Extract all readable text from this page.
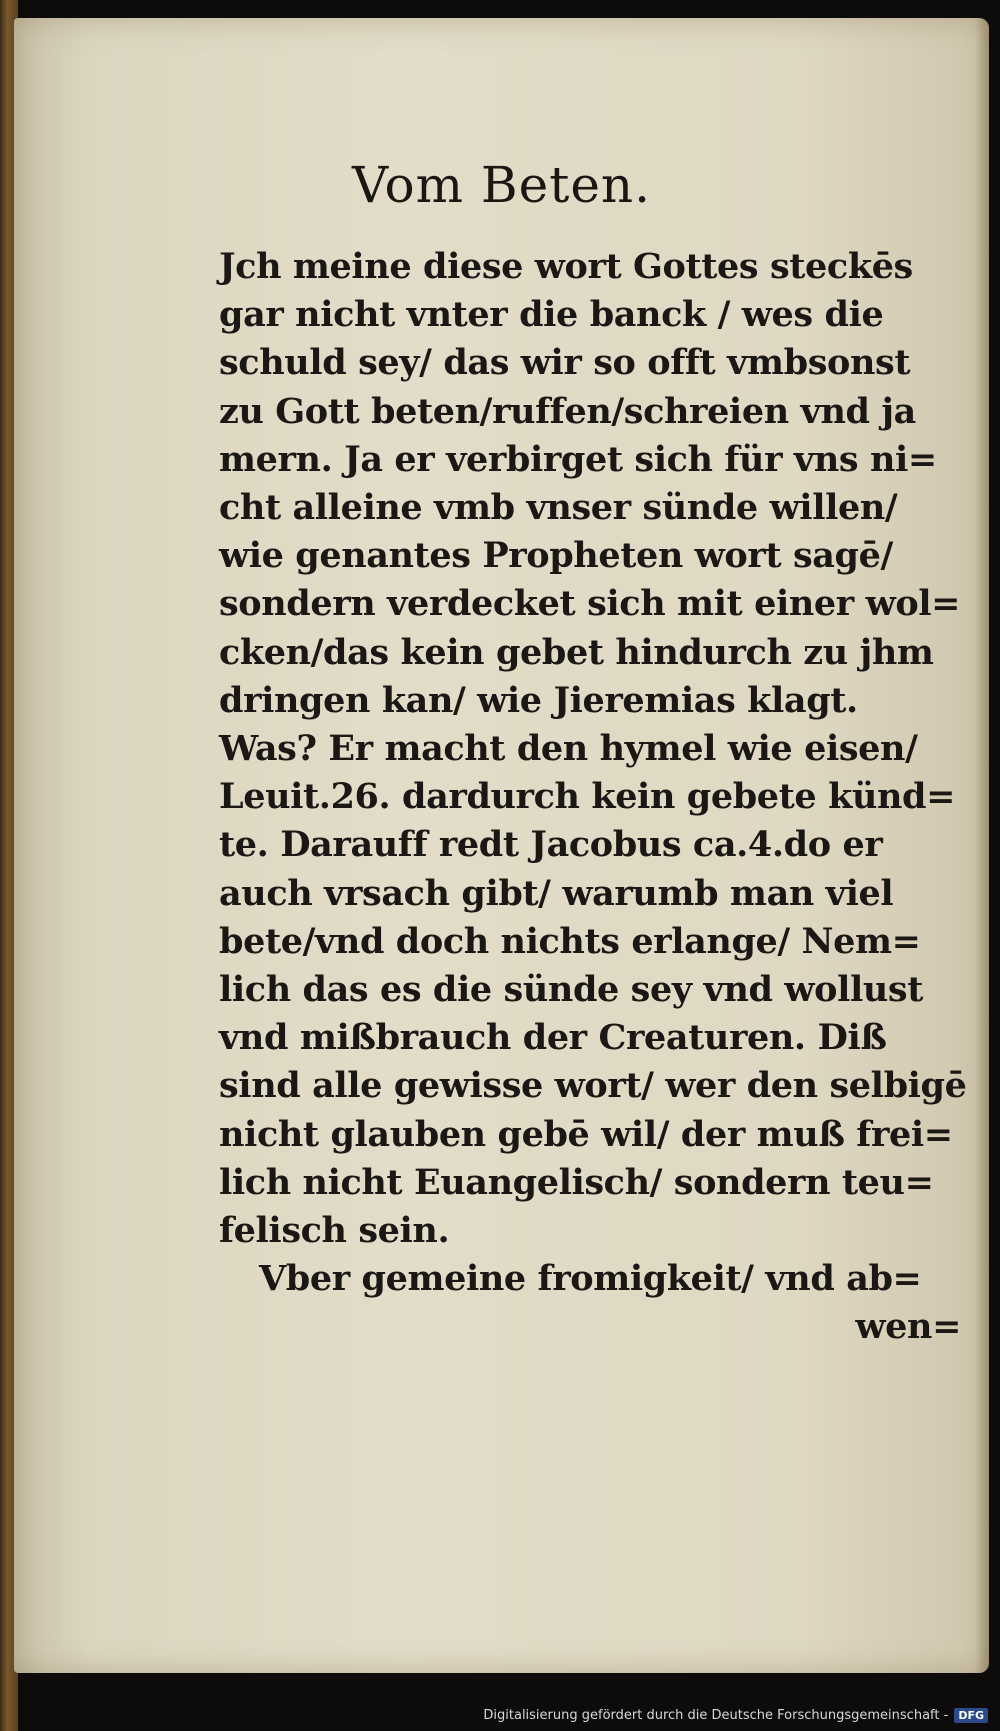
Vom Beten.
Jch meine diese wort Gottes steckēs
gar nicht vnter die banck / wes die
schuld sey/ das wir so offt vmbsonst
zu Gott beten/ruffen/schreien vnd ja
mern. Ja er verbirget sich für vns ni=
cht alleine vmb vnser sünde willen/
wie genantes Propheten wort sagē/
sondern verdecket sich mit einer wol=
cken/das kein gebet hindurch zu jhm
dringen kan/ wie Jieremias klagt.
Was? Er macht den hymel wie eisen/
Leuit.26. dardurch kein gebete künd=
te. Darauff redt Jacobus ca.4.do er
auch vrsach gibt/ warumb man viel
bete/vnd doch nichts erlange/ Nem=
lich das es die sünde sey vnd wollust
vnd mißbrauch der Creaturen. Diß
sind alle gewisse wort/ wer den selbigē
nicht glauben gebē wil/ der muß frei=
lich nicht Euangelisch/ sondern teu=
felisch sein.
Vber gemeine fromigkeit/ vnd ab=
wen=
Digitalisierung gefördert durch die Deutsche Forschungsgemeinschaft - DFG
